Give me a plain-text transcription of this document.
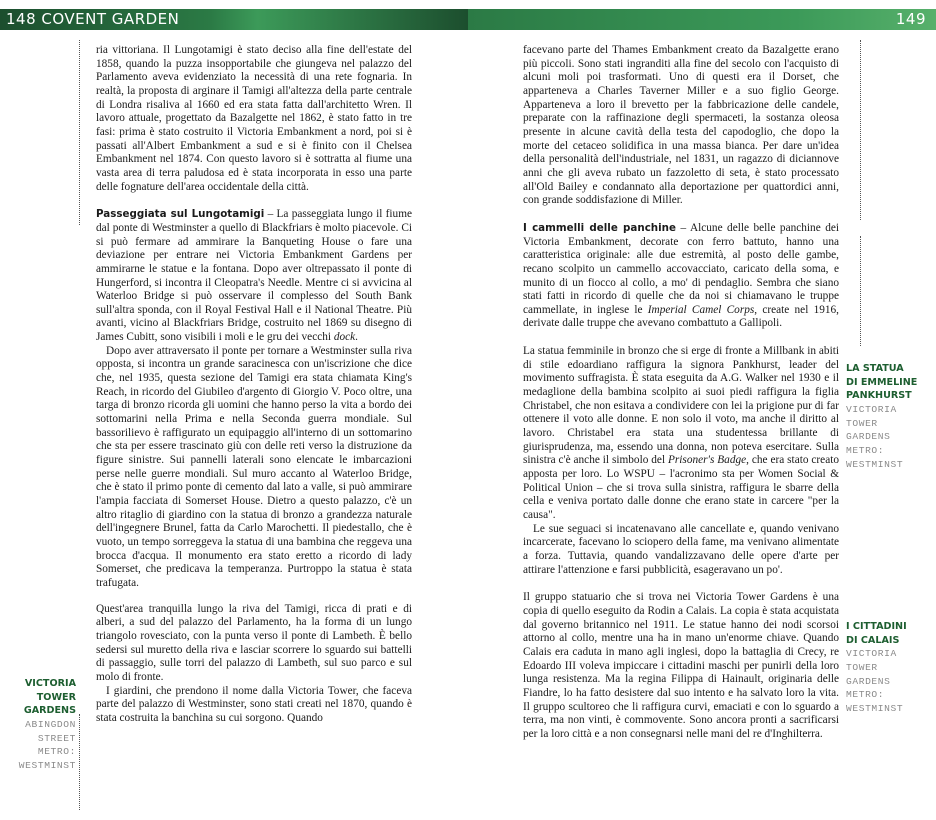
148 COVENT GARDEN	149

ria vittoriana. Il Lungotamigi è stato deciso alla fine dell'estate del 1858, quando la puzza insopportabile che giungeva nel palazzo del Parlamento aveva evidenziato la necessità di una rete fognaria. In realtà, la proposta di arginare il Tamigi all'altezza della parte centrale di Londra risaliva al 1660 ed era stata fatta dall'architetto Wren. Il lavoro attuale, progettato da Bazalgette nel 1862, è stato fatto in tre fasi: prima è stato costruito il Victoria Embankment a nord, poi si è passati all'Albert Embankment a sud e si è finito con il Chelsea Embankment nel 1874. Con questo lavoro si è sottratta al fiume una vasta area di terra paludosa ed è stata incorporata in esso una parte delle fognature dell'area occidentale della città.

Passeggiata sul Lungotamigi – La passeggiata lungo il fiume dal ponte di Westminster a quello di Blackfriars è molto piacevole. Ci si può fermare ad ammirare la Banqueting House o fare una deviazione per entrare nei Victoria Embankment Gardens per ammirarne le statue e la fontana. Dopo aver oltrepassato il ponte di Hungerford, si incontra il Cleopatra's Needle. Mentre ci si avvicina al Waterloo Bridge si può osservare il complesso del South Bank sull'altra sponda, con il Royal Festival Hall e il National Theatre. Più avanti, vicino al Blackfriars Bridge, costruito nel 1869 su disegno di James Cubitt, sono visibili i moli e le gru dei vecchi dock.

Dopo aver attraversato il ponte per tornare a Westminster sulla riva opposta, si incontra un grande saracinesca con un'iscrizione che dice che, nel 1935, questa sezione del Tamigi era stata chiamata King's Reach, in ricordo del Giubileo d'argento di Giorgio V. Poco oltre, una targa di bronzo ricorda gli uomini che hanno perso la vita a bordo dei sottomarini nella Prima e nella Seconda guerra mondiale. Sul bassorilievo è raffigurato un equipaggio all'interno di un sottomarino che sta per essere trascinato giù con delle reti verso la distruzione da figure sinistre. Sui pannelli laterali sono elencate le imbarcazioni perse nelle guerre mondiali. Sul muro accanto al Waterloo Bridge, che è stato il primo ponte di cemento dal lato a valle, si può ammirare l'ampia facciata di Somerset House. Dietro a questo palazzo, c'è un altro ritaglio di giardino con la statua di bronzo a grandezza naturale dell'ingegnere Brunel, fatta da Carlo Marochetti. Il piedestallo, che è vuoto, un tempo sorreggeva la statua di una bambina che reggeva una brocca d'acqua. Il monumento era stato eretto a ricordo di lady Somerset, che predicava la temperanza. Purtroppo la statua è stata trafugata.

Quest'area tranquilla lungo la riva del Tamigi, ricca di prati e di alberi, a sud del palazzo del Parlamento, ha la forma di un lungo triangolo rovesciato, con la punta verso il ponte di Lambeth. È bello sedersi sul muretto della riva e lasciar scorrere lo sguardo sui battelli di passaggio, sulle torri del palazzo di Lambeth, sul suo parco e sul molo di fronte.

I giardini, che prendono il nome dalla Victoria Tower, che faceva parte del palazzo di Westminster, sono stati creati nel 1870, quando è stata costruita la banchina su cui sorgono. Quando

VICTORIA
TOWER
GARDENS
ABINGDON
STREET
METRO:
WESTMINST

facevano parte del Thames Embankment creato da Bazalgette erano più piccoli. Sono stati ingranditi alla fine del secolo con l'acquisto di alcuni moli poi trasformati. Uno di questi era il Dorset, che apparteneva a Charles Taverner Miller e a suo figlio George. Apparteneva a loro il brevetto per la fabbricazione delle candele, preparate con la raffinazione degli spermaceti, la sostanza oleosa presente in alcune cavità della testa del capodoglio, che dopo la morte del cetaceo solidifica in una massa bianca. Per dare un'idea della personalità dell'industriale, nel 1831, un ragazzo di diciannove anni che gli aveva rubato un fazzoletto di seta, è stato processato all'Old Bailey e condannato alla deportazione per quattordici anni, con grande soddisfazione di Miller.

I cammelli delle panchine – Alcune delle belle panchine dei Victoria Embankment, decorate con ferro battuto, hanno una caratteristica originale: alle due estremità, al posto delle gambe, recano scolpito un cammello accovacciato, caricato della soma, e munito di un fiocco al collo, a mo' di pendaglio. Sembra che siano stati fatti in ricordo di quelle che da noi si chiamavano le truppe cammellate, in inglese le Imperial Camel Corps, create nel 1916, derivate dalle truppe che avevano combattuto a Gallipoli.

La statua femminile in bronzo che si erge di fronte a Millbank in abiti di stile edoardiano raffigura la signora Pankhurst, leader del movimento suffragista. È stata eseguita da A.G. Walker nel 1930 e il medaglione della bambina scolpito ai suoi piedi raffigura la figlia Christabel, che non esitava a condividere con lei la prigione pur di far ottenere il voto alle donne. E non solo il voto, ma anche il diritto al lavoro. Christabel era stata una studentessa brillante di giurisprudenza, ma, essendo una donna, non poteva esercitare. Sulla sinistra c'è anche il simbolo del Prisoner's Badge, che era stato creato apposta per loro. Lo WSPU – l'acronimo sta per Women Social & Political Union – che si trova sulla sinistra, raffigura le sbarre della cella e veniva portato dalle donne che erano state in carcere "per la causa".

Le sue seguaci si incatenavano alle cancellate e, quando venivano incarcerate, facevano lo sciopero della fame, ma venivano alimentate a forza. Tuttavia, quando vandalizzavano delle opere d'arte per attirare l'attenzione e farsi pubblicità, esageravano un po'.

Il gruppo statuario che si trova nei Victoria Tower Gardens è una copia di quello eseguito da Rodin a Calais. La copia è stata acquistata dal governo britannico nel 1911. Le statue hanno dei nodi scorsoi attorno al collo, mentre una ha in mano un'enorme chiave. Quando Calais era caduta in mano agli inglesi, dopo la battaglia di Crecy, re Edoardo III voleva impiccare i cittadini maschi per punirli della loro lunga resistenza. Ma la regina Filippa di Hainault, originaria delle Fiandre, lo ha fatto desistere dal suo intento e ha salvato loro la vita. Il gruppo scultoreo che li raffigura curvi, emaciati e con lo sguardo a terra, ma non vinti, è commovente. Sono ancora pronti a sacrificarsi per la loro città e a non consegnarsi nelle mani del re d'Inghilterra.

LA STATUA
DI EMMELINE
PANKHURST
VICTORIA
TOWER
GARDENS
METRO:
WESTMINST
I CITTADINI
DI CALAIS
VICTORIA
TOWER
GARDENS
METRO:
WESTMINST
